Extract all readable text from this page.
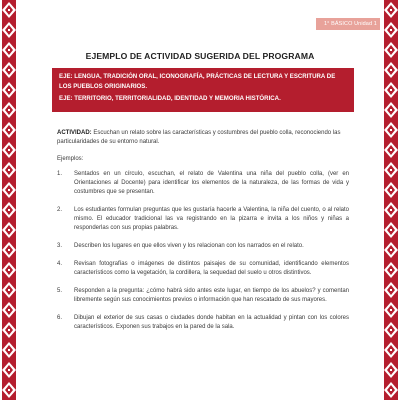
1° BÁSICO Unidad 1
EJEMPLO DE ACTIVIDAD SUGERIDA DEL PROGRAMA

EJE: LENGUA, TRADICIÓN ORAL, ICONOGRAFÍA, PRÁCTICAS DE LECTURA Y ESCRITURA DE LOS PUEBLOS ORIGINARIOS.

EJE: TERRITORIO, TERRITORIALIDAD, IDENTIDAD Y MEMORIA HISTÓRICA.

ACTIVIDAD: Escuchan un relato sobre las características y costumbres del pueblo colla, reconociendo las particularidades de su entorno natural.

Ejemplos:

1. Sentados en un círculo, escuchan, el relato de Valentina una niña del pueblo colla, (ver en Orientaciones al Docente) para identificar los elementos de la naturaleza, de las formas de vida y costumbres que se presentan.
2. Los estudiantes formulan preguntas que les gustaría hacerle a Valentina, la niña del cuento, o al relato mismo. El educador tradicional las va registrando en la pizarra e invita a los niños y niñas a responderlas con sus propias palabras.
3. Describen los lugares en que ellos viven y los relacionan con los narrados en el relato.
4. Revisan fotografías o imágenes de distintos paisajes de su comunidad, identificando elementos característicos como la vegetación, la cordillera, la sequedad del suelo u otros distintivos.
5. Responden a la pregunta: ¿cómo habrá sido antes este lugar, en tiempo de los abuelos? y comentan libremente según sus conocimientos previos o información que han rescatado de sus mayores.
6. Dibujan el exterior de sus casas o ciudades donde habitan en la actualidad y pintan con los colores característicos. Exponen sus trabajos en la pared de la sala.
